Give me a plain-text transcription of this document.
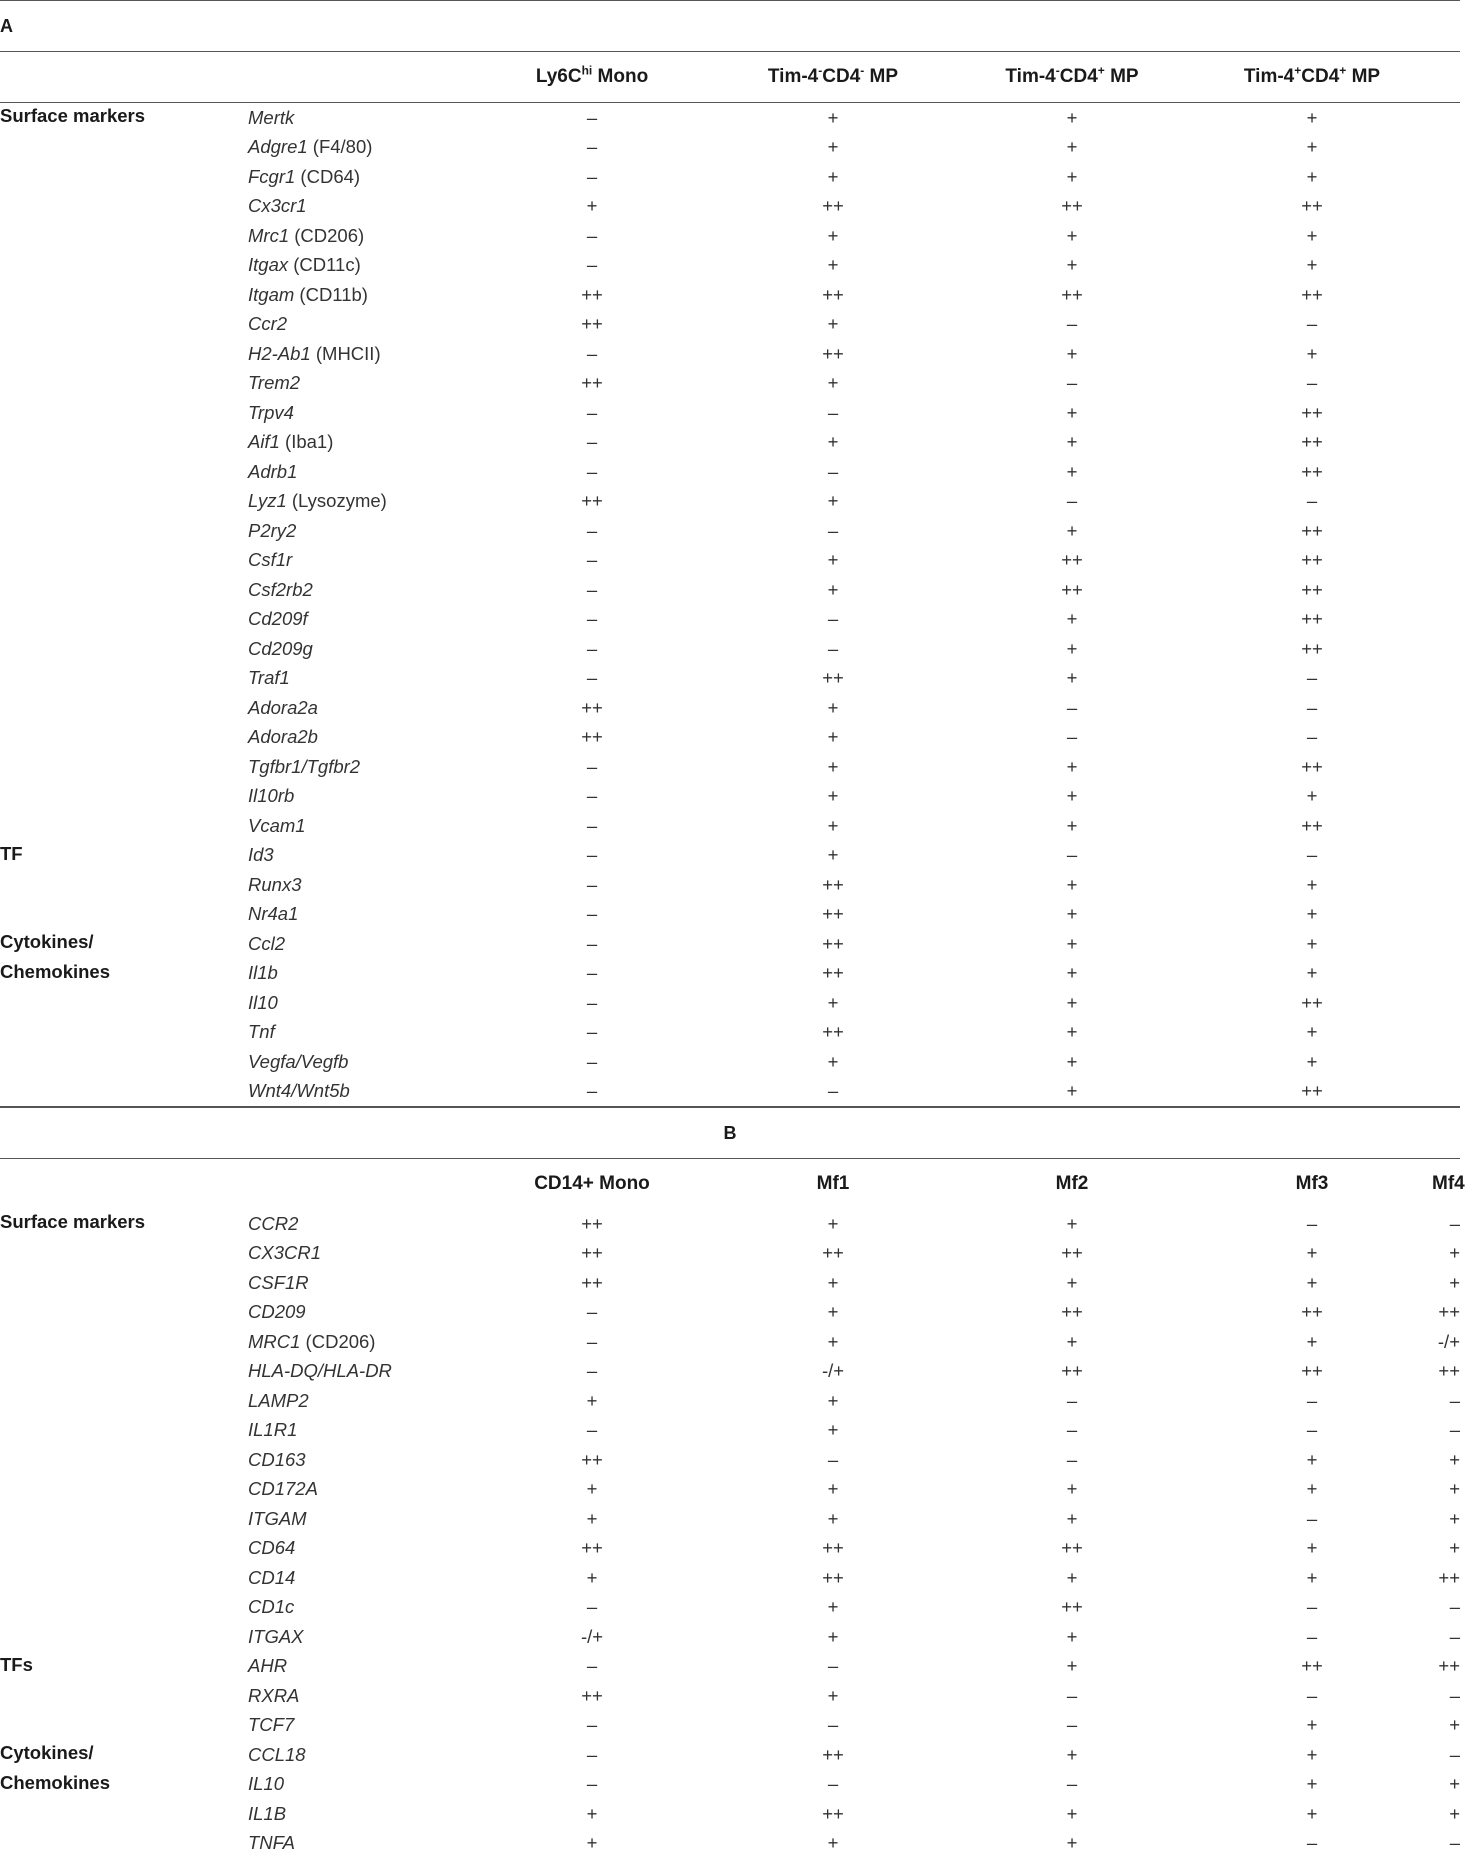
A							

		$Ly6C^{hi}$ Mono	Tim-4-CD4- MP	Tim-4-CD4+ MP	Tim-4+CD4+ MP		

Surface markers	Mertk	–	+	+	+		
	Adgre1 (F4/80)	–	+	+	+		
	Fcgr1 (CD64)	–	+	+	+		
	Cx3cr1	+	++	++	++		
	Mrc1 (CD206)	–	+	+	+		
	Itgax (CD11c)	–	+	+	+		
	Itgam (CD11b)	++	++	++	++		
	Ccr2	++	+	–	–		
	H2-Ab1 (MHCII)	–	++	+	+		
	Trem2	++	+	–	–		
	Trpv4	–	–	+	++		
	Aif1 (Iba1)	–	+	+	++		
	Adrb1	–	–	+	++		
	Lyz1 (Lysozyme)	++	+	–	–		
	P2ry2	–	–	+	++		
	Csf1r	–	+	++	++		
	Csf2rb2	–	+	++	++		
	Cd209f	–	–	+	++		
	Cd209g	–	–	+	++		
	Traf1	–	++	+	–		
	Adora2a	++	+	–	–		
	Adora2b	++	+	–	–		
	Tgfbr1/Tgfbr2	–	+	+	++		
	Il10rb	–	+	+	+		
	Vcam1	–	+	+	++		
TF	Id3	–	+	–	–		
	Runx3	–	++	+	+		
	Nr4a1	–	++	+	+		
Cytokines/	Ccl2	–	++	+	+		
Chemokines	Il1b	–	++	+	+		
	Il10	–	+	+	++		
	Tnf	–	++	+	+		
	Vegfa/Vegfb	–	+	+	+		
	Wnt4/Wnt5b	–	–	+	++		

B						

		CD14+ Mono	Mf1	Mf2	Mf3	Mf4
Surface markers	CCR2	++	+	+	–	–
	CX3CR1	++	++	++	+	+
	CSF1R	++	+	+	+	+
	CD209	–	+	++	++	++
	MRC1 (CD206)	–	+	+	+	-/+
	HLA-DQ/HLA-DR	–	-/+	++	++	++
	LAMP2	+	+	–	–	–
	IL1R1	–	+	–	–	–
	CD163	++	–	–	+	+
	CD172A	+	+	+	+	+
	ITGAM	+	+	+	–	+
	CD64	++	++	++	+	+
	CD14	+	++	+	+	++
	CD1c	–	+	++	–	–
	ITGAX	-/+	+	+	–	–
TFs	AHR	–	–	+	++	++
	RXRA	++	+	–	–	–
	TCF7	–	–	–	+	+
Cytokines/	CCL18	–	++	+	+	–
Chemokines	IL10	–	–	–	+	+
	IL1B	+	++	+	+	+
	TNFA	+	+	+	–	–
